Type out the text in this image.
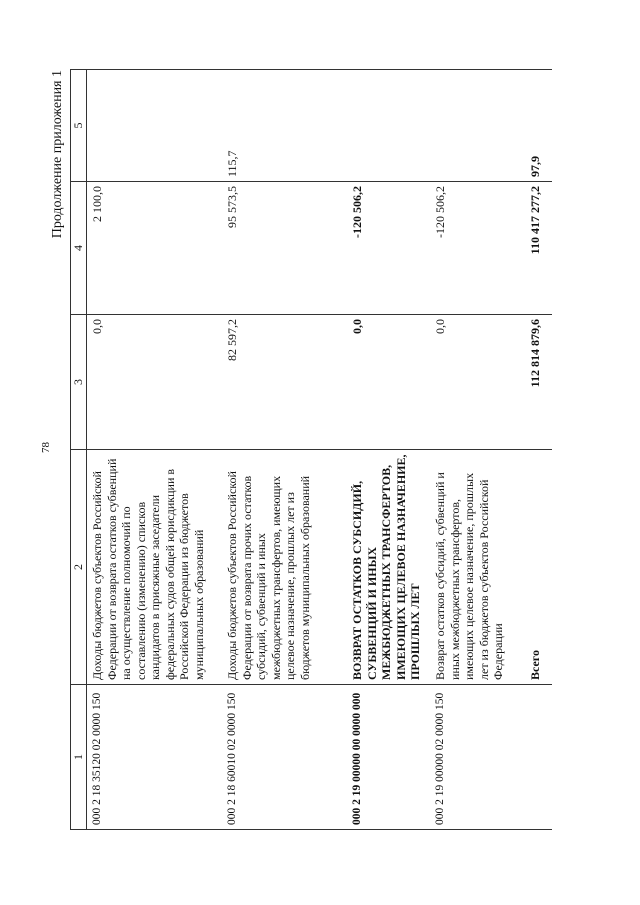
78
Продолжение приложения 1
1	2	3	4	5
000 2 18 35120 02 0000 150	Доходы бюджетов субъектов Российской Федерации от возврата остатков субвенций на осуществление полномочий по составлению (изменению) списков кандидатов в присяжные заседатели федеральных судов общей юрисдикции в Российской Федерации из бюджетов муниципальных образований	0,0	2 100,0	
000 2 18 60010 02 0000 150	Доходы бюджетов субъектов Российской Федерации от возврата прочих остатков субсидий, субвенций и иных межбюджетных трансфертов, имеющих целевое назначение, прошлых лет из бюджетов муниципальных образований	82 597,2	95 573,5	115,7
000 2 19 00000 00 0000 000	ВОЗВРАТ ОСТАТКОВ СУБСИДИЙ, СУБВЕНЦИЙ И ИНЫХ МЕЖБЮДЖЕТНЫХ ТРАНСФЕРТОВ, ИМЕЮЩИХ ЦЕЛЕВОЕ НАЗНАЧЕНИЕ, ПРОШЛЫХ ЛЕТ	0,0	-120 506,2	
000 2 19 00000 02 0000 150	Возврат остатков субсидий, субвенций и иных межбюджетных трансфертов, имеющих целевое назначение, прошлых лет из бюджетов субъектов Российской Федерации	0,0	-120 506,2	
	Всего	112 814 879,6	110 417 277,2	97,9
